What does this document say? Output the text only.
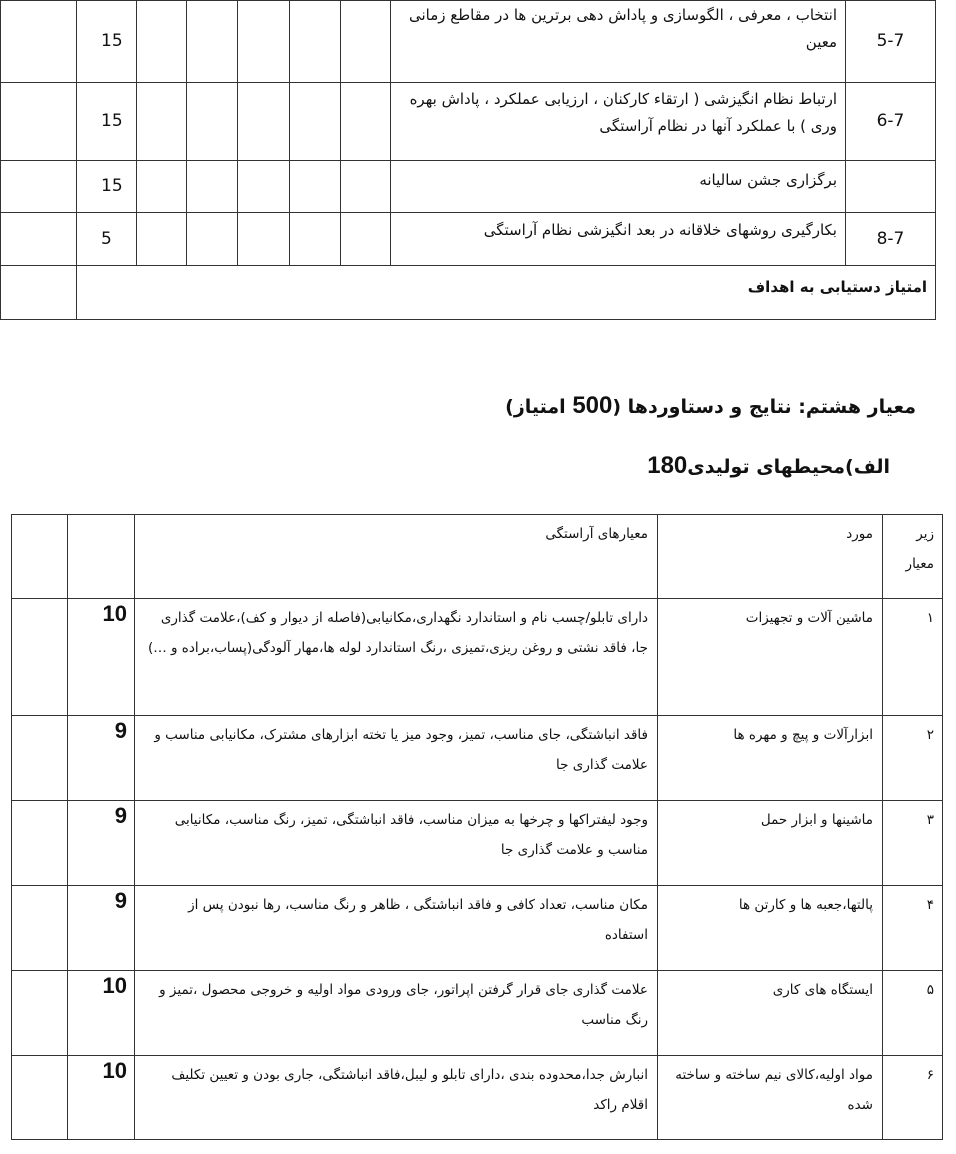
	15						انتخاب ، معرفی ، الگوسازی و پاداش دهی برترین ها در مقاطع زمانی معین	5-7
	15						ارتباط نظام انگیزشی ( ارتقاء کارکنان ، ارزیابی عملکرد ، پاداش بهره وری ) با عملکرد آنها در نظام آراستگی	6-7
	15						برگزاری جشن سالیانه	
	5						بکارگیری روشهای خلاقانه در بعد انگیزشی نظام آراستگی	8-7
	امتیاز دستیابی به اهداف							
معیار هشتم: نتایج و دستاوردها (500 امتیاز)
الف)محیطهای تولیدی180
		معیارهای آراستگی	مورد	زیر معیار
	10	دارای تابلو/چسب نام و استاندارد نگهداری،مکانیابی(فاصله از دیوار و کف)،علامت گذاری جا، فاقد نشتی و روغن ریزی،تمیزی ،رنگ استاندارد لوله ها،مهار آلودگی(پساب،براده و …)	ماشین آلات و تجهیزات	۱
	9	فاقد انباشتگی، جای مناسب، تمیز، وجود میز یا تخته ابزارهای مشترک، مکانیابی مناسب و علامت گذاری جا	ابزارآلات و پیچ و مهره ها	۲
	9	وجود لیفتراکها و چرخها به میزان مناسب، فاقد انباشتگی، تمیز، رنگ مناسب، مکانیابی مناسب و علامت گذاری جا	ماشینها و ابزار حمل	۳
	9	مکان مناسب، تعداد کافی و فاقد انباشتگی ، ظاهر و رنگ مناسب، رها نبودن پس از استفاده	پالتها،جعبه ها و کارتن ها	۴
	10	علامت گذاری جای قرار گرفتن اپراتور، جای ورودی مواد اولیه و خروجی محصول ،تمیز و رنگ مناسب	ایستگاه های کاری	۵
	10	انبارش جدا،محدوده بندی ،دارای تابلو و لیبل،فاقد انباشتگی، جاری بودن و تعیین تکلیف اقلام راکد	مواد اولیه،کالای نیم ساخته و ساخته شده	۶
